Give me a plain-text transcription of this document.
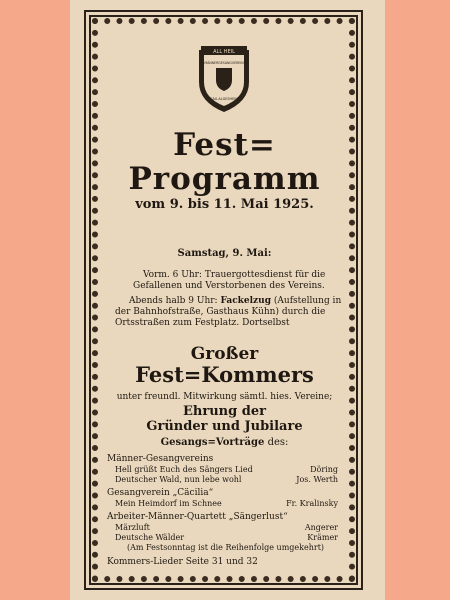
ALL HEIL
MÄNNERGESANGVEREIN
GAU-ALGESHEIM
Fest=
Programm
vom 9. bis 11. Mai 1925.
Samstag, 9. Mai:
Vorm. 6 Uhr: Trauergottesdienst für die Gefallenen und Verstorbenen des Vereins.
Abends halb 9 Uhr: Fackelzug (Aufstellung in der Bahnhofstraße, Gasthaus Kühn) durch die Ortsstraßen zum Festplatz. Dortselbst
Großer
Fest=Kommers
unter freundl. Mitwirkung sämtl. hies. Vereine;
Ehrung der
Gründer und Jubilare
Gesangs=Vorträge des:
Männer-Gesangvereins
Hell grüßt Euch des Sängers Lied	Döring
Deutscher Wald, nun lebe wohl	Jos. Werth
Gesangverein „Cäcilia“
Mein Heimdorf im Schnee	Fr. Kralinsky
Arbeiter-Männer-Quartett „Sängerlust“
Märzluft	Angerer
Deutsche Wälder	Krämer
(Am Festsonntag ist die Reihenfolge umgekehrt)
Kommers-Lieder Seite 31 und 32
